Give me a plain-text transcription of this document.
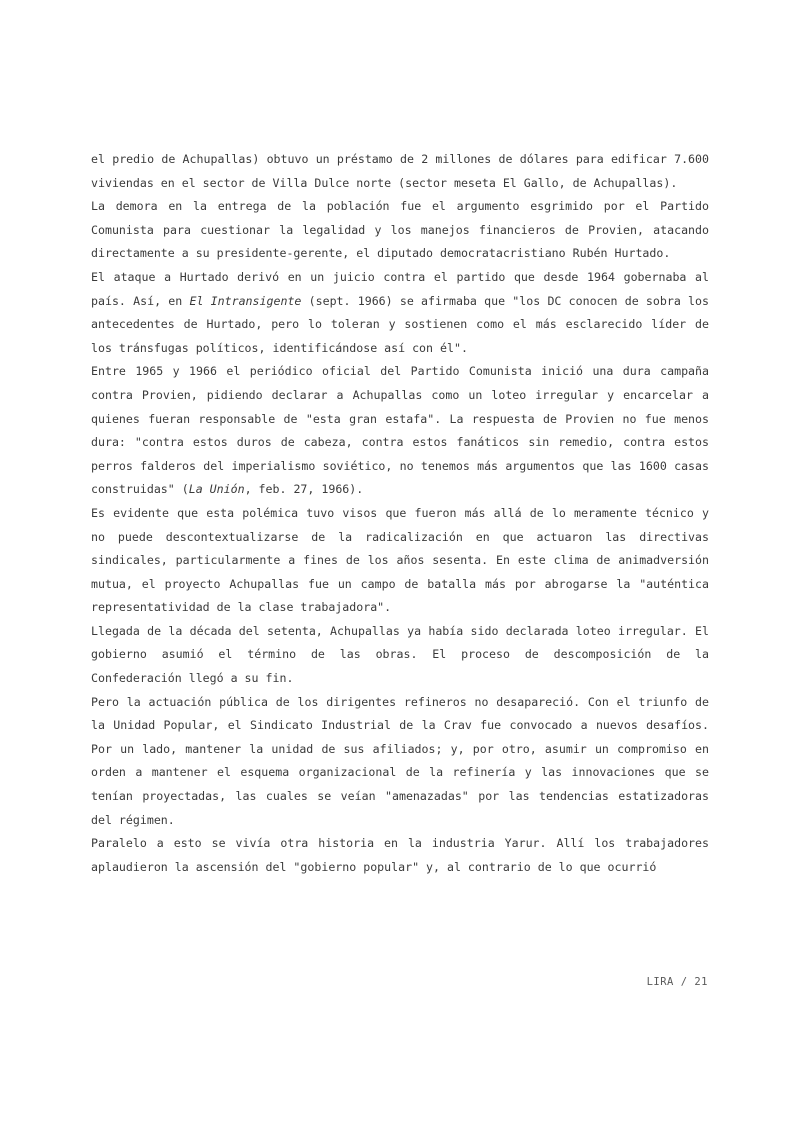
el predio de Achupallas) obtuvo un préstamo de 2 millones de dólares para edificar 7.600 viviendas en el sector de Villa Dulce norte (sector meseta El Gallo, de Achupallas).

La demora en la entrega de la población fue el argumento esgrimido por el Partido Comunista para cuestionar la legalidad y los manejos financieros de Provien, atacando directamente a su presidente-gerente, el diputado democratacristiano Rubén Hurtado.

El ataque a Hurtado derivó en un juicio contra el partido que desde 1964 gobernaba al país. Así, en El Intransigente (sept. 1966) se afirmaba que "los DC conocen de sobra los antecedentes de Hurtado, pero lo toleran y sostienen como el más esclarecido líder de los tránsfugas políticos, identificándose así con él".

Entre 1965 y 1966 el periódico oficial del Partido Comunista inició una dura campaña contra Provien, pidiendo declarar a Achupallas como un loteo irregular y encarcelar a quienes fueran responsable de "esta gran estafa". La respuesta de Provien no fue menos dura: "contra estos duros de cabeza, contra estos fanáticos sin remedio, contra estos perros falderos del imperialismo soviético, no tenemos más argumentos que las 1600 casas construidas" (La Unión, feb. 27, 1966).

Es evidente que esta polémica tuvo visos que fueron más allá de lo meramente técnico y no puede descontextualizarse de la radicalización en que actuaron las directivas sindicales, particularmente a fines de los años sesenta. En este clima de animadversión mutua, el proyecto Achupallas fue un campo de batalla más por abrogarse la "auténtica representatividad de la clase trabajadora".

Llegada de la década del setenta, Achupallas ya había sido declarada loteo irregular. El gobierno asumió el término de las obras. El proceso de descomposición de la Confederación llegó a su fin.

Pero la actuación pública de los dirigentes refineros no desapareció. Con el triunfo de la Unidad Popular, el Sindicato Industrial de la Crav fue convocado a nuevos desafíos. Por un lado, mantener la unidad de sus afiliados; y, por otro, asumir un compromiso en orden a mantener el esquema organizacional de la refinería y las innovaciones que se tenían proyectadas, las cuales se veían "amenazadas" por las tendencias estatizadoras del régimen.

Paralelo a esto se vivía otra historia en la industria Yarur. Allí los trabajadores aplaudieron la ascensión del "gobierno popular" y, al contrario de lo que ocurrió

LIRA / 21
